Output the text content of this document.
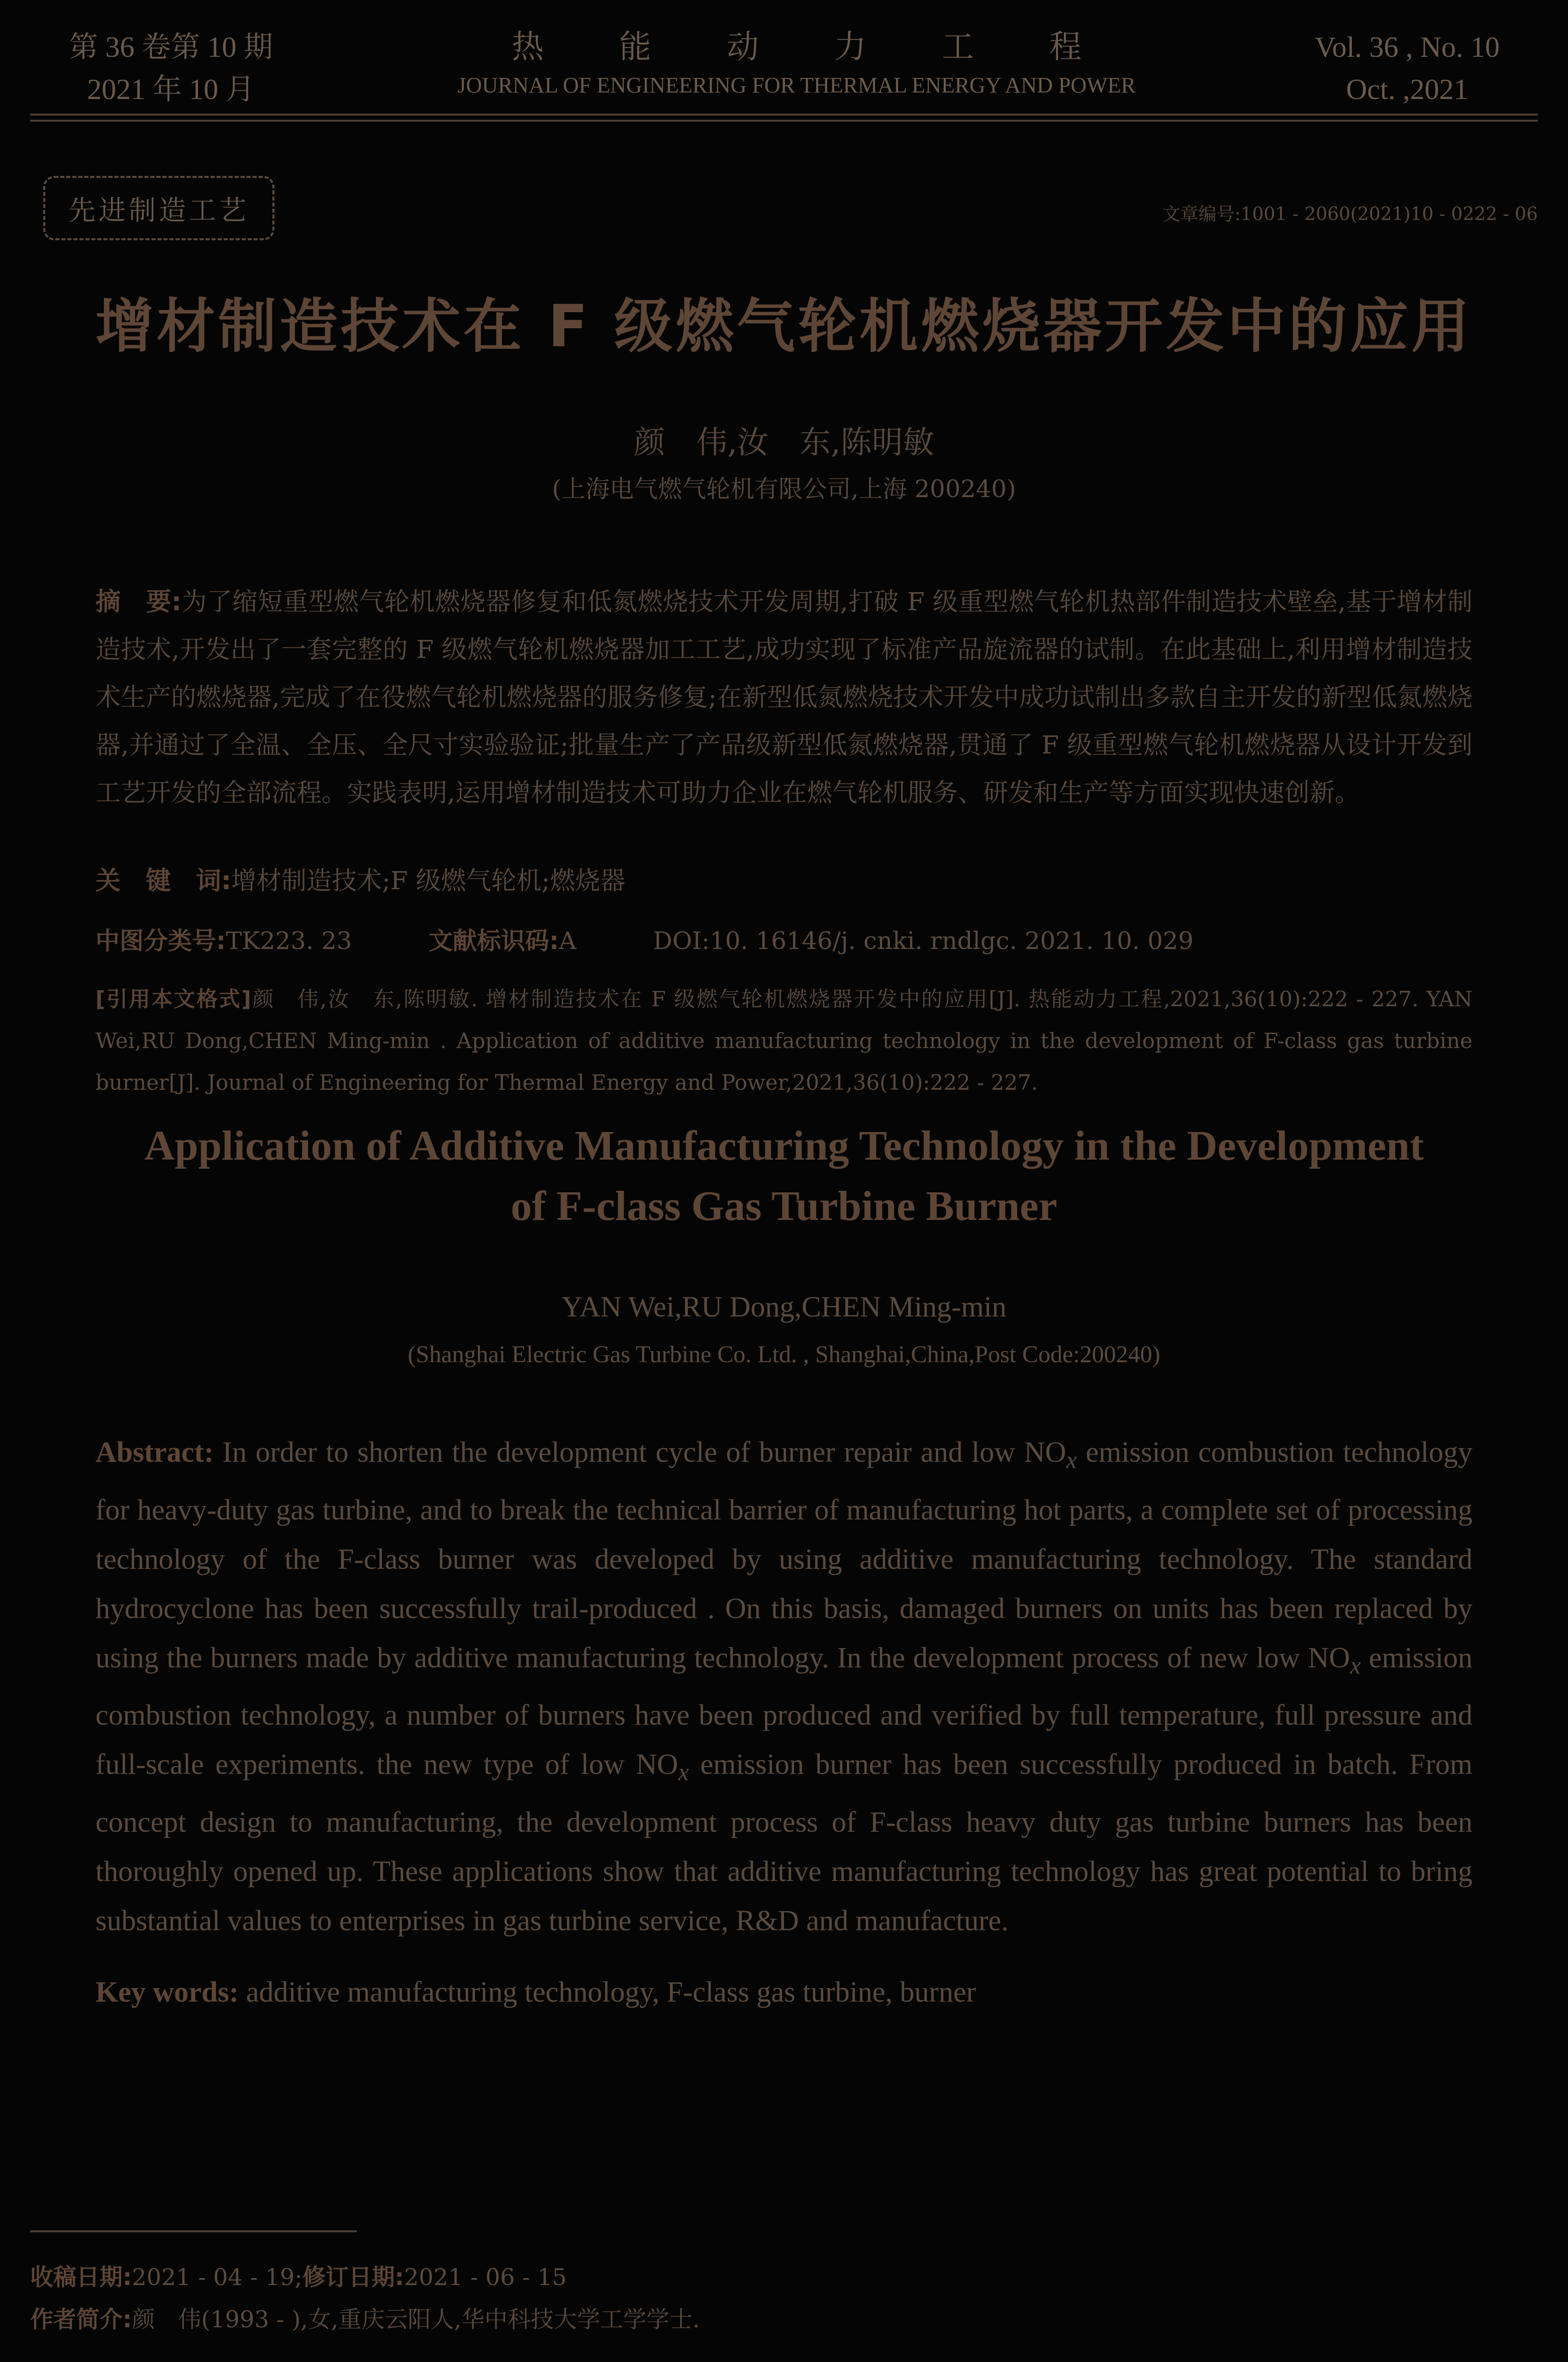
第 36 卷第 10 期
2021 年 10 月
热能动力工程
JOURNAL OF ENGINEERING FOR THERMAL ENERGY AND POWER
Vol. 36 , No. 10
Oct. ,2021
先进制造工艺	文章编号:1001 - 2060(2021)10 - 0222 - 06
增材制造技术在 F 级燃气轮机燃烧器开发中的应用
颜　伟,汝　东,陈明敏
(上海电气燃气轮机有限公司,上海 200240)
摘　要:为了缩短重型燃气轮机燃烧器修复和低氮燃烧技术开发周期,打破 F 级重型燃气轮机热部件制造技术壁垒,基于增材制造技术,开发出了一套完整的 F 级燃气轮机燃烧器加工工艺,成功实现了标准产品旋流器的试制。在此基础上,利用增材制造技术生产的燃烧器,完成了在役燃气轮机燃烧器的服务修复;在新型低氮燃烧技术开发中成功试制出多款自主开发的新型低氮燃烧器,并通过了全温、全压、全尺寸实验验证;批量生产了产品级新型低氮燃烧器,贯通了 F 级重型燃气轮机燃烧器从设计开发到工艺开发的全部流程。实践表明,运用增材制造技术可助力企业在燃气轮机服务、研发和生产等方面实现快速创新。
关　键　词:增材制造技术;F 级燃气轮机;燃烧器
中图分类号:TK223. 23	文献标识码:A	DOI:10. 16146/j. cnki. rndlgc. 2021. 10. 029
[引用本文格式]颜　伟,汝　东,陈明敏. 增材制造技术在 F 级燃气轮机燃烧器开发中的应用[J]. 热能动力工程,2021,36(10):222 - 227. YAN Wei,RU Dong,CHEN Ming-min . Application of additive manufacturing technology in the development of F-class gas turbine burner[J]. Journal of Engineering for Thermal Energy and Power,2021,36(10):222 - 227.
Application of Additive Manufacturing Technology in the Development
of F-class Gas Turbine Burner
YAN Wei,RU Dong,CHEN Ming-min
(Shanghai Electric Gas Turbine Co. Ltd. , Shanghai,China,Post Code:200240)
Abstract: In order to shorten the development cycle of burner repair and low $NO_x$ emission combustion technology for heavy-duty gas turbine, and to break the technical barrier of manufacturing hot parts, a complete set of processing technology of the F-class burner was developed by using additive manufacturing technology. The standard hydrocyclone has been successfully trail-produced . On this basis, damaged burners on units has been replaced by using the burners made by additive manufacturing technology. In the development process of new low $NO_x$ emission combustion technology, a number of burners have been produced and verified by full temperature, full pressure and full-scale experiments. the new type of low $NO_x$ emission burner has been successfully produced in batch. From concept design to manufacturing, the development process of F-class heavy duty gas turbine burners has been thoroughly opened up. These applications show that additive manufacturing technology has great potential to bring substantial values to enterprises in gas turbine service, R&D and manufacture.
Key words: additive manufacturing technology, F-class gas turbine, burner
收稿日期:2021 - 04 - 19;修订日期:2021 - 06 - 15
作者简介:颜　伟(1993 - ),女,重庆云阳人,华中科技大学工学学士.
